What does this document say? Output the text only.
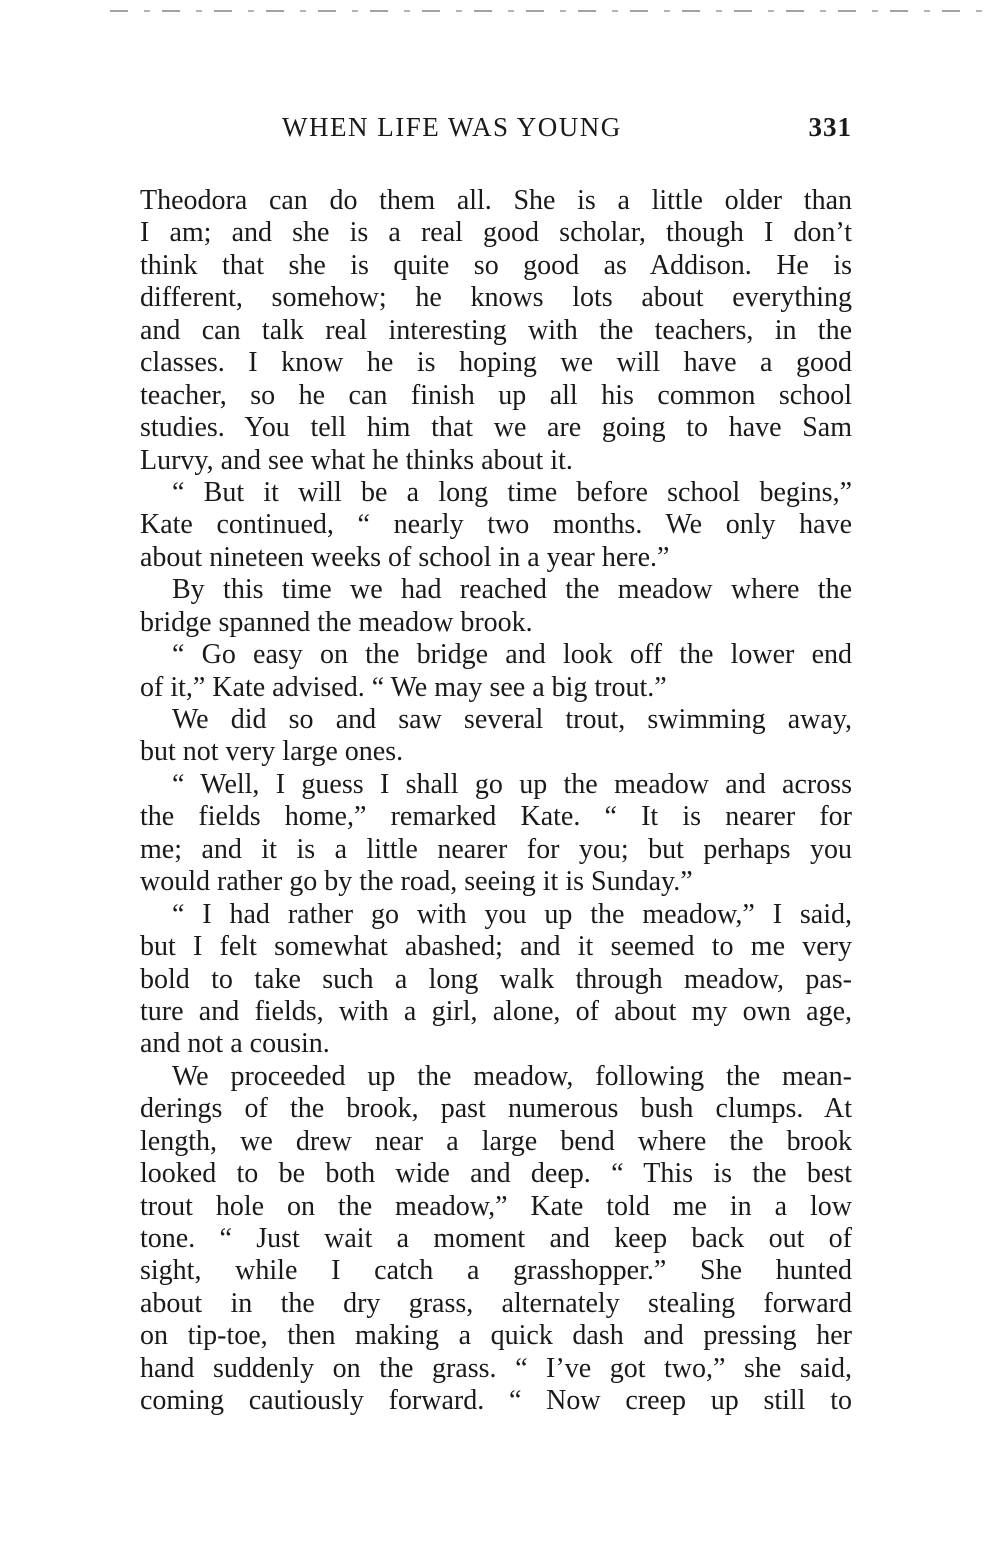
WHEN LIFE WAS YOUNG	331
Theodora can do them all. She is a little older than
I am; and she is a real good scholar, though I don’t
think that she is quite so good as Addison. He is
different, somehow; he knows lots about everything
and can talk real interesting with the teachers, in the
classes. I know he is hoping we will have a good
teacher, so he can finish up all his common school
studies. You tell him that we are going to have Sam
Lurvy, and see what he thinks about it.
“ But it will be a long time before school begins,”
Kate continued, “ nearly two months. We only have
about nineteen weeks of school in a year here.”
By this time we had reached the meadow where the
bridge spanned the meadow brook.
“ Go easy on the bridge and look off the lower end
of it,” Kate advised. “ We may see a big trout.”
We did so and saw several trout, swimming away,
but not very large ones.
“ Well, I guess I shall go up the meadow and across
the fields home,” remarked Kate. “ It is nearer for
me; and it is a little nearer for you; but perhaps you
would rather go by the road, seeing it is Sunday.”
“ I had rather go with you up the meadow,” I said,
but I felt somewhat abashed; and it seemed to me very
bold to take such a long walk through meadow, pas-
ture and fields, with a girl, alone, of about my own age,
and not a cousin.
We proceeded up the meadow, following the mean-
derings of the brook, past numerous bush clumps. At
length, we drew near a large bend where the brook
looked to be both wide and deep. “ This is the best
trout hole on the meadow,” Kate told me in a low
tone. “ Just wait a moment and keep back out of
sight, while I catch a grasshopper.” She hunted
about in the dry grass, alternately stealing forward
on tip-toe, then making a quick dash and pressing her
hand suddenly on the grass. “ I’ve got two,” she said,
coming cautiously forward. “ Now creep up still to
